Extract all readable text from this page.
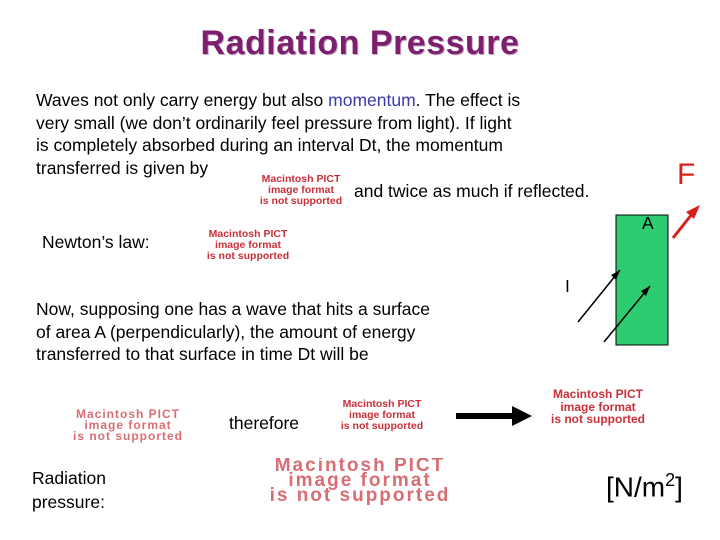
Radiation Pressure
Waves not only carry energy but also momentum. The effect is
very small (we don’t ordinarily feel pressure from light). If light
is completely absorbed during an interval Dt, the momentum
transferred is given by
Macintosh PICT
image format
is not supported
and twice as much if reflected.
Newton’s law:	Macintosh PICT
image format
is not supported
Now, supposing one has a wave that hits a surface
of area A (perpendicularly), the amount of energy
transferred to that surface in time Dt will be
F
A
I
Macintosh PICT
image format
is not supported
therefore
Macintosh PICT
image format
is not supported
Macintosh PICT
image format
is not supported
Radiation
pressure:
Macintosh PICT
image format
is not supported	$[N/m^2]$
